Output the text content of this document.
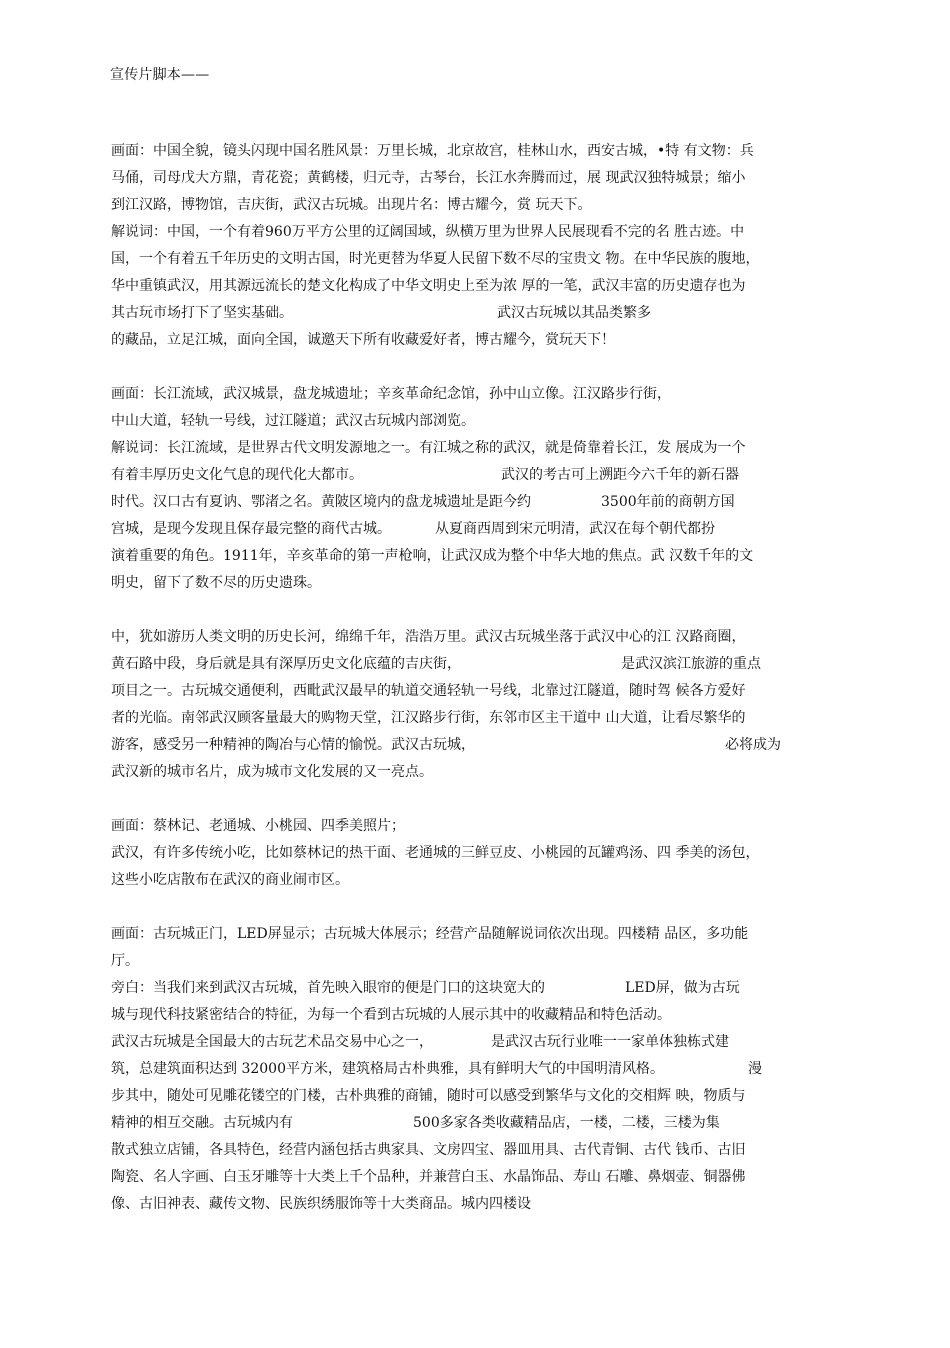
宣传片脚本——
画面：中国全貌，镜头闪现中国名胜风景：万里长城，北京故宫，桂林山水，西安古城，•特 有文物：兵
马俑，司母戊大方鼎，青花瓷；黄鹤楼，归元寺，古琴台，长江水奔腾而过，展 现武汉独特城景；缩小
到江汉路，博物馆，吉庆街，武汉古玩城。出现片名：博古耀今，赏 玩天下。
解说词：中国，一个有着960万平方公里的辽阔国域，纵横万里为世界人民展现看不完的名 胜古迹。中
国，一个有着五千年历史的文明古国，时光更替为华夏人民留下数不尽的宝贵文 物。在中华民族的腹地，
华中重镇武汉，用其源远流长的楚文化构成了中华文明史上至为浓 厚的一笔，武汉丰富的历史遗存也为
其古玩市场打下了坚实基础。	武汉古玩城以其品类繁多
的藏品，立足江城，面向全国，诚邀天下所有收藏爱好者，博古耀今，赏玩天下！
画面：长江流域，武汉城景，盘龙城遗址；辛亥革命纪念馆，孙中山立像。江汉路步行街，
中山大道，轻轨一号线，过江隧道；武汉古玩城内部浏览。
解说词：长江流域，是世界古代文明发源地之一。有江城之称的武汉，就是倚靠着长江，发 展成为一个
有着丰厚历史文化气息的现代化大都市。	武汉的考古可上溯距今六千年的新石器
时代。汉口古有夏讷、鄂渚之名。黄陂区境内的盘龙城遗址是距今约	3500年前的商朝方国
宫城，是现今发现且保存最完整的商代古城。	从夏商西周到宋元明清，武汉在每个朝代都扮
演着重要的角色。1911年，辛亥革命的第一声枪响，让武汉成为整个中华大地的焦点。武 汉数千年的文
明史，留下了数不尽的历史遗珠。

中，犹如游历人类文明的历史长河，绵绵千年，浩浩万里。武汉古玩城坐落于武汉中心的江 汉路商圈，
黄石路中段，身后就是具有深厚历史文化底蕴的吉庆街，	是武汉滨江旅游的重点
项目之一。古玩城交通便利，西毗武汉最早的轨道交通轻轨一号线，北靠过江隧道，随时驾 候各方爱好
者的光临。南邻武汉顾客量最大的购物天堂，江汉路步行街，东邻市区主干道中 山大道，让看尽繁华的
游客，感受另一种精神的陶冶与心情的愉悦。武汉古玩城，	必将成为
武汉新的城市名片，成为城市文化发展的又一亮点。
画面：蔡林记、老通城、小桃园、四季美照片；
武汉，有许多传统小吃，比如蔡林记的热干面、老通城的三鲜豆皮、小桃园的瓦罐鸡汤、四 季美的汤包，
这些小吃店散布在武汉的商业闹市区。
画面：古玩城正门，LED屏显示；古玩城大体展示；经营产品随解说词依次出现。四楼精 品区，多功能
厅。
旁白：当我们来到武汉古玩城，首先映入眼帘的便是门口的这块宽大的	LED屏，做为古玩
城与现代科技紧密结合的特征，为每一个看到古玩城的人展示其中的收藏精品和特色活动。
武汉古玩城是全国最大的古玩艺术品交易中心之一，	是武汉古玩行业唯一一家单体独栋式建
筑，总建筑面积达到 32000平方米，建筑格局古朴典雅，具有鲜明大气的中国明清风格。	漫
步其中，随处可见雕花镂空的门楼，古朴典雅的商铺，随时可以感受到繁华与文化的交相辉 映，物质与
精神的相互交融。古玩城内有	500多家各类收藏精品店，一楼，二楼，三楼为集
散式独立店铺，各具特色，经营内涵包括古典家具、文房四宝、器皿用具、古代青铜、古代 钱币、古旧
陶瓷、名人字画、白玉牙雕等十大类上千个品种，并兼营白玉、水晶饰品、寿山 石雕、鼻烟壶、铜器佛
像、古旧神表、藏传文物、民族织绣服饰等十大类商品。城内四楼设
